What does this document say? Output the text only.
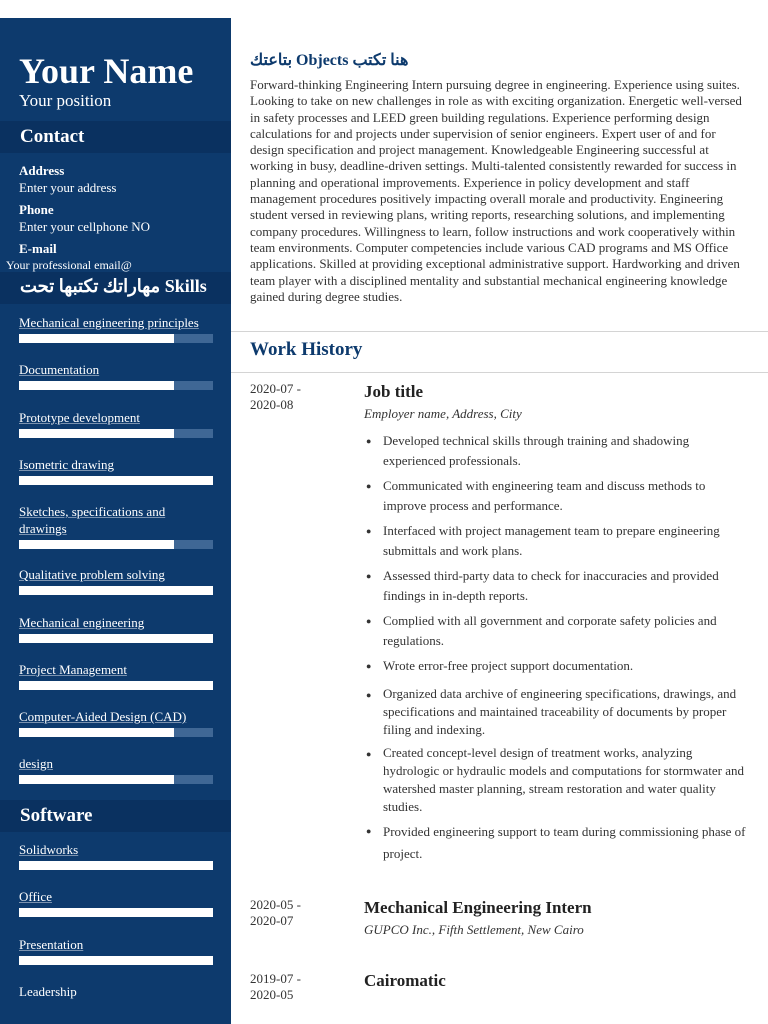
Your Name
Your position
Contact
Address
Enter your address
Phone
Enter your cellphone NO
E-mail
Your professional email@
مهاراتك تكتبها تحت Skills
Mechanical engineering principles
Documentation
Prototype development
Isometric drawing
Sketches, specifications and drawings
Qualitative problem solving
Mechanical engineering
Project Management
Computer-Aided Design (CAD)
design
Software
Solidworks
Office
Presentation
Leadership
بتاعتك Objects هنا تكتب
Forward-thinking Engineering Intern pursuing degree in engineering. Experience using suites. Looking to take on new challenges in role as with exciting organization. Energetic well-versed in safety processes and LEED green building regulations. Experience performing design calculations for and projects under supervision of senior engineers. Expert user of and for design specification and project management. Knowledgeable Engineering successful at working in busy, deadline-driven settings. Multi-talented consistently rewarded for success in planning and operational improvements. Experience in policy development and staff management procedures positively impacting overall morale and productivity. Engineering student versed in reviewing plans, writing reports, researching solutions, and implementing company procedures. Willingness to learn, follow instructions and work cooperatively within team environments. Computer competencies include various CAD programs and MS Office applications. Skilled at providing exceptional administrative support. Hardworking and driven team player with a disciplined mentality and substantial mechanical engineering knowledge gained during degree studies.
Work History
2020-07 -
2020-08
Job title
Employer name, Address, City
● Developed technical skills through training and shadowing experienced professionals.
● Communicated with engineering team and discuss methods to improve process and performance.
● Interfaced with project management team to prepare engineering submittals and work plans.
● Assessed third-party data to check for inaccuracies and provided findings in in-depth reports.
● Complied with all government and corporate safety policies and regulations.
● Wrote error-free project support documentation.
● Organized data archive of engineering specifications, drawings, and specifications and maintained traceability of documents by proper filing and indexing.
● Created concept-level design of treatment works, analyzing hydrologic or hydraulic models and computations for stormwater and watershed master planning, stream restoration and water quality studies.
● Provided engineering support to team during commissioning phase of project.
2020-05 -
2020-07
Mechanical Engineering Intern
GUPCO Inc., Fifth Settlement, New Cairo
2019-07 -
2020-05
Cairomatic
